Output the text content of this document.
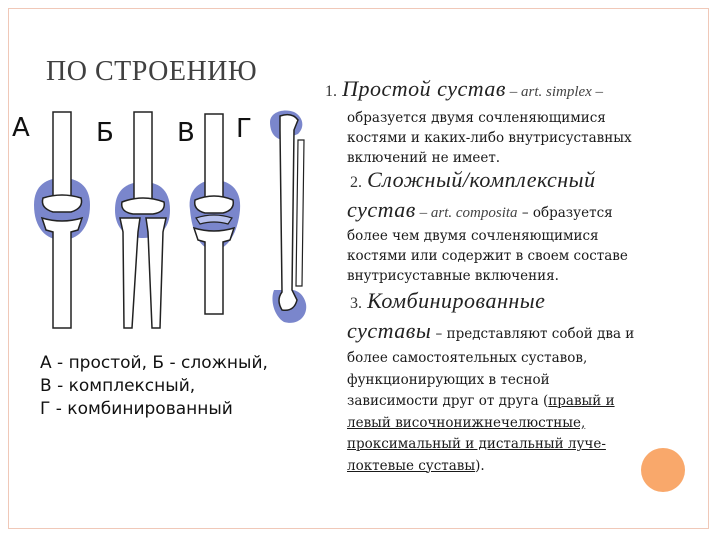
ПО СТРОЕНИЮ
А	Б В Г
А - простой, Б - сложный,
В - комплексный,
Г - комбинированный
1. Простой сустав – art. simplex –
образуется двумя сочленяющимися
костями и каких-либо внутрисуставных
включений не имеет.
2. Сложный/комплексный
сустав – art. composita – образуется
более чем двумя сочленяющимися
костями или содержит в своем составе
внутрисуставные включения.
3. Комбинированные
суставы – представляют собой два и
более самостоятельных суставов,
функционирующих в тесной
зависимости друг от друга (правый и
левый височнонижнечелюстные,
проксимальный и дистальный луче-
локтевые суставы).
